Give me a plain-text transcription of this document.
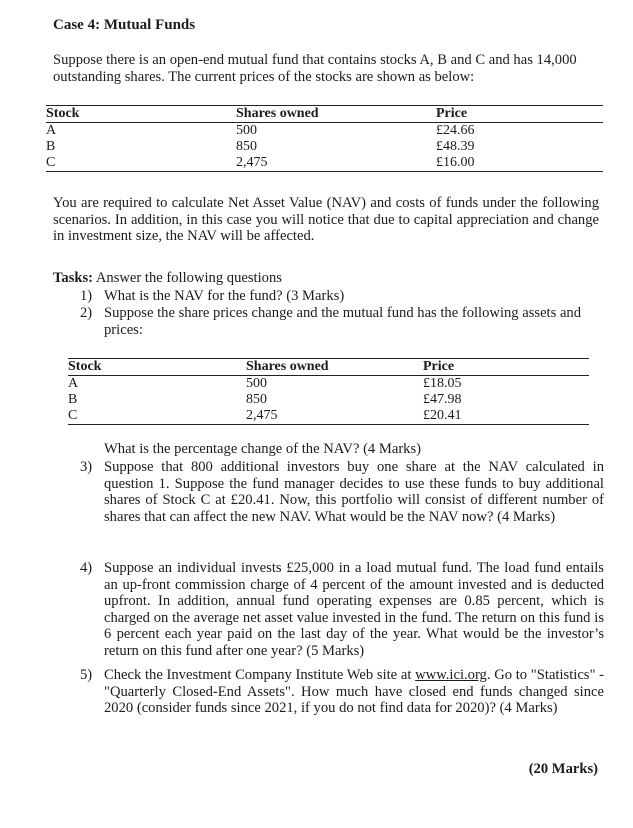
Case 4: Mutual Funds
Suppose there is an open-end mutual fund that contains stocks A, B and C and has 14,000
outstanding shares. The current prices of the stocks are shown as below:
Stock	Shares owned	Price
A	500	£24.66
B	850	£48.39
C	2,475	£16.00
You are required to calculate Net Asset Value (NAV) and costs of funds under the following scenarios. In addition, in this case you will notice that due to capital appreciation and change in investment size, the NAV will be affected.
Tasks: Answer the following questions
1) What is the NAV for the fund? (3 Marks)
2) Suppose the share prices change and the mutual fund has the following assets and prices:
Stock	Shares owned	Price
A	500	£18.05
B	850	£47.98
C	2,475	£20.41
What is the percentage change of the NAV? (4 Marks)
3) Suppose that 800 additional investors buy one share at the NAV calculated in question 1. Suppose the fund manager decides to use these funds to buy additional shares of Stock C at £20.41. Now, this portfolio will consist of different number of shares that can affect the new NAV. What would be the NAV now? (4 Marks)
4) Suppose an individual invests £25,000 in a load mutual fund. The load fund entails an up-front commission charge of 4 percent of the amount invested and is deducted upfront. In addition, annual fund operating expenses are 0.85 percent, which is charged on the average net asset value invested in the fund. The return on this fund is 6 percent each year paid on the last day of the year. What would be the investor’s return on this fund after one year? (5 Marks)
5) Check the Investment Company Institute Web site at www.ici.org. Go to "Statistics" - "Quarterly Closed-End Assets". How much have closed end funds changed since 2020 (consider funds since 2021, if you do not find data for 2020)? (4 Marks)
(20 Marks)
